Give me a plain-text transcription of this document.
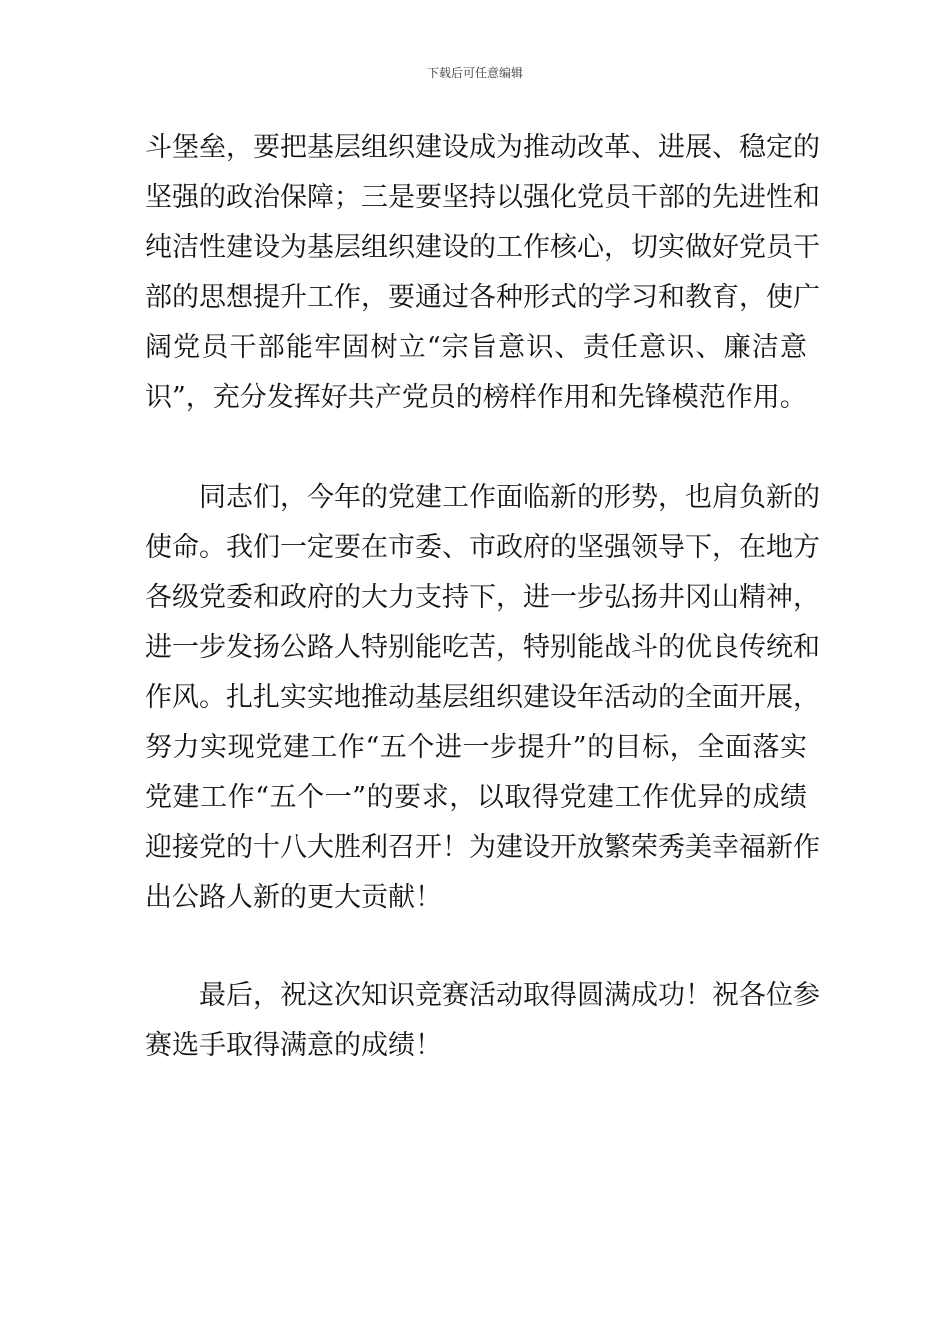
下载后可任意编辑
斗堡垒，要把基层组织建设成为推动改革、进展、稳定的
坚强的政治保障；三是要坚持以强化党员干部的先进性和
纯洁性建设为基层组织建设的工作核心，切实做好党员干
部的思想提升工作，要通过各种形式的学习和教育，使广
阔党员干部能牢固树立“宗旨意识、责任意识、廉洁意
识”，充分发挥好共产党员的榜样作用和先锋模范作用。
同志们，今年的党建工作面临新的形势，也肩负新的
使命。我们一定要在市委、市政府的坚强领导下，在地方
各级党委和政府的大力支持下，进一步弘扬井冈山精神，
进一步发扬公路人特别能吃苦，特别能战斗的优良传统和
作风。扎扎实实地推动基层组织建设年活动的全面开展，
努力实现党建工作“五个进一步提升”的目标，全面落实
党建工作“五个一”的要求，以取得党建工作优异的成绩
迎接党的十八大胜利召开！为建设开放繁荣秀美幸福新作
出公路人新的更大贡献！
最后，祝这次知识竞赛活动取得圆满成功！祝各位参
赛选手取得满意的成绩！
